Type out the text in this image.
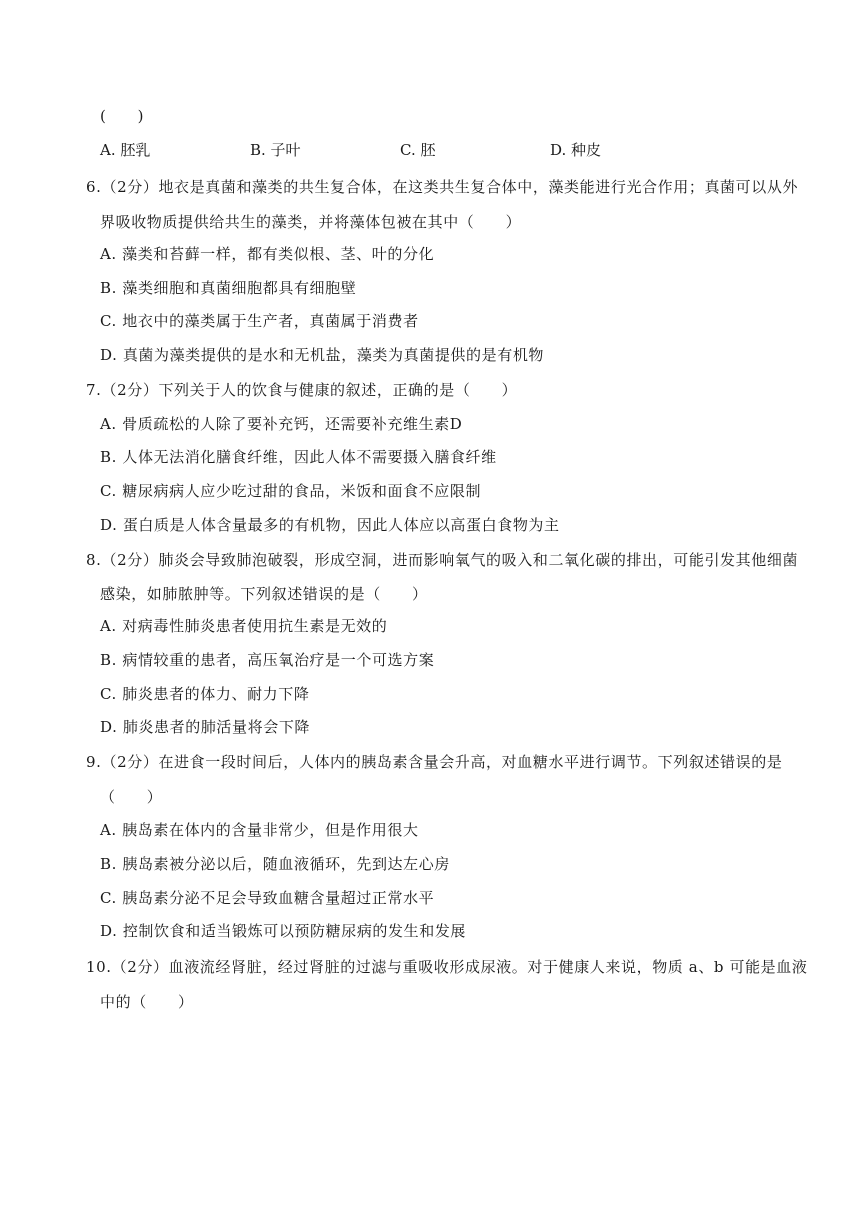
(　　)
A. 胚乳	B. 子叶	C. 胚	D. 种皮
6.（2分）地衣是真菌和藻类的共生复合体，在这类共生复合体中，藻类能进行光合作用；真菌可以从外
界吸收物质提供给共生的藻类，并将藻体包被在其中（　　）
A. 藻类和苔藓一样，都有类似根、茎、叶的分化
B. 藻类细胞和真菌细胞都具有细胞壁
C. 地衣中的藻类属于生产者，真菌属于消费者
D. 真菌为藻类提供的是水和无机盐，藻类为真菌提供的是有机物
7.（2分）下列关于人的饮食与健康的叙述，正确的是（　　）
A. 骨质疏松的人除了要补充钙，还需要补充维生素D
B. 人体无法消化膳食纤维，因此人体不需要摄入膳食纤维
C. 糖尿病病人应少吃过甜的食品，米饭和面食不应限制
D. 蛋白质是人体含量最多的有机物，因此人体应以高蛋白食物为主
8.（2分）肺炎会导致肺泡破裂，形成空洞，进而影响氧气的吸入和二氧化碳的排出，可能引发其他细菌
感染，如肺脓肿等。下列叙述错误的是（　　）
A. 对病毒性肺炎患者使用抗生素是无效的
B. 病情较重的患者，高压氧治疗是一个可选方案
C. 肺炎患者的体力、耐力下降
D. 肺炎患者的肺活量将会下降
9.（2分）在进食一段时间后，人体内的胰岛素含量会升高，对血糖水平进行调节。下列叙述错误的是
（　　）
A. 胰岛素在体内的含量非常少，但是作用很大
B. 胰岛素被分泌以后，随血液循环，先到达左心房
C. 胰岛素分泌不足会导致血糖含量超过正常水平
D. 控制饮食和适当锻炼可以预防糖尿病的发生和发展
10.（2分）血液流经肾脏，经过肾脏的过滤与重吸收形成尿液。对于健康人来说，物质 a、b 可能是血液
中的（　　）
